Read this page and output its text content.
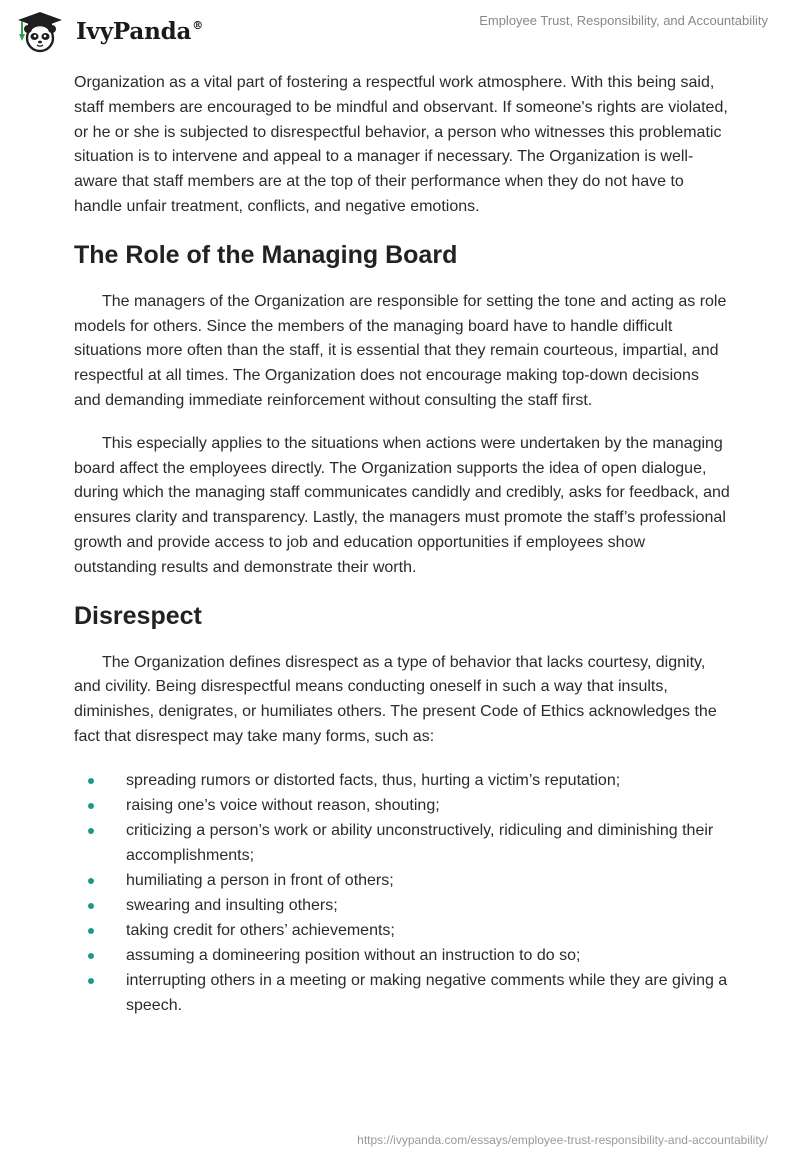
IvyPanda®	Employee Trust, Responsibility, and Accountability

Organization as a vital part of fostering a respectful work atmosphere. With this being said, staff members are encouraged to be mindful and observant. If someone's rights are violated, or he or she is subjected to disrespectful behavior, a person who witnesses this problematic situation is to intervene and appeal to a manager if necessary. The Organization is well-aware that staff members are at the top of their performance when they do not have to handle unfair treatment, conflicts, and negative emotions.

The Role of the Managing Board

The managers of the Organization are responsible for setting the tone and acting as role models for others. Since the members of the managing board have to handle difficult situations more often than the staff, it is essential that they remain courteous, impartial, and respectful at all times. The Organization does not encourage making top-down decisions and demanding immediate reinforcement without consulting the staff first.

This especially applies to the situations when actions were undertaken by the managing board affect the employees directly. The Organization supports the idea of open dialogue, during which the managing staff communicates candidly and credibly, asks for feedback, and ensures clarity and transparency. Lastly, the managers must promote the staff’s professional growth and provide access to job and education opportunities if employees show outstanding results and demonstrate their worth.

Disrespect

The Organization defines disrespect as a type of behavior that lacks courtesy, dignity, and civility. Being disrespectful means conducting oneself in such a way that insults, diminishes, denigrates, or humiliates others. The present Code of Ethics acknowledges the fact that disrespect may take many forms, such as:

spreading rumors or distorted facts, thus, hurting a victim’s reputation;
raising one’s voice without reason, shouting;
criticizing a person’s work or ability unconstructively, ridiculing and diminishing their accomplishments;
humiliating a person in front of others;
swearing and insulting others;
taking credit for others’ achievements;
assuming a domineering position without an instruction to do so;
interrupting others in a meeting or making negative comments while they are giving a speech.
https://ivypanda.com/essays/employee-trust-responsibility-and-accountability/
